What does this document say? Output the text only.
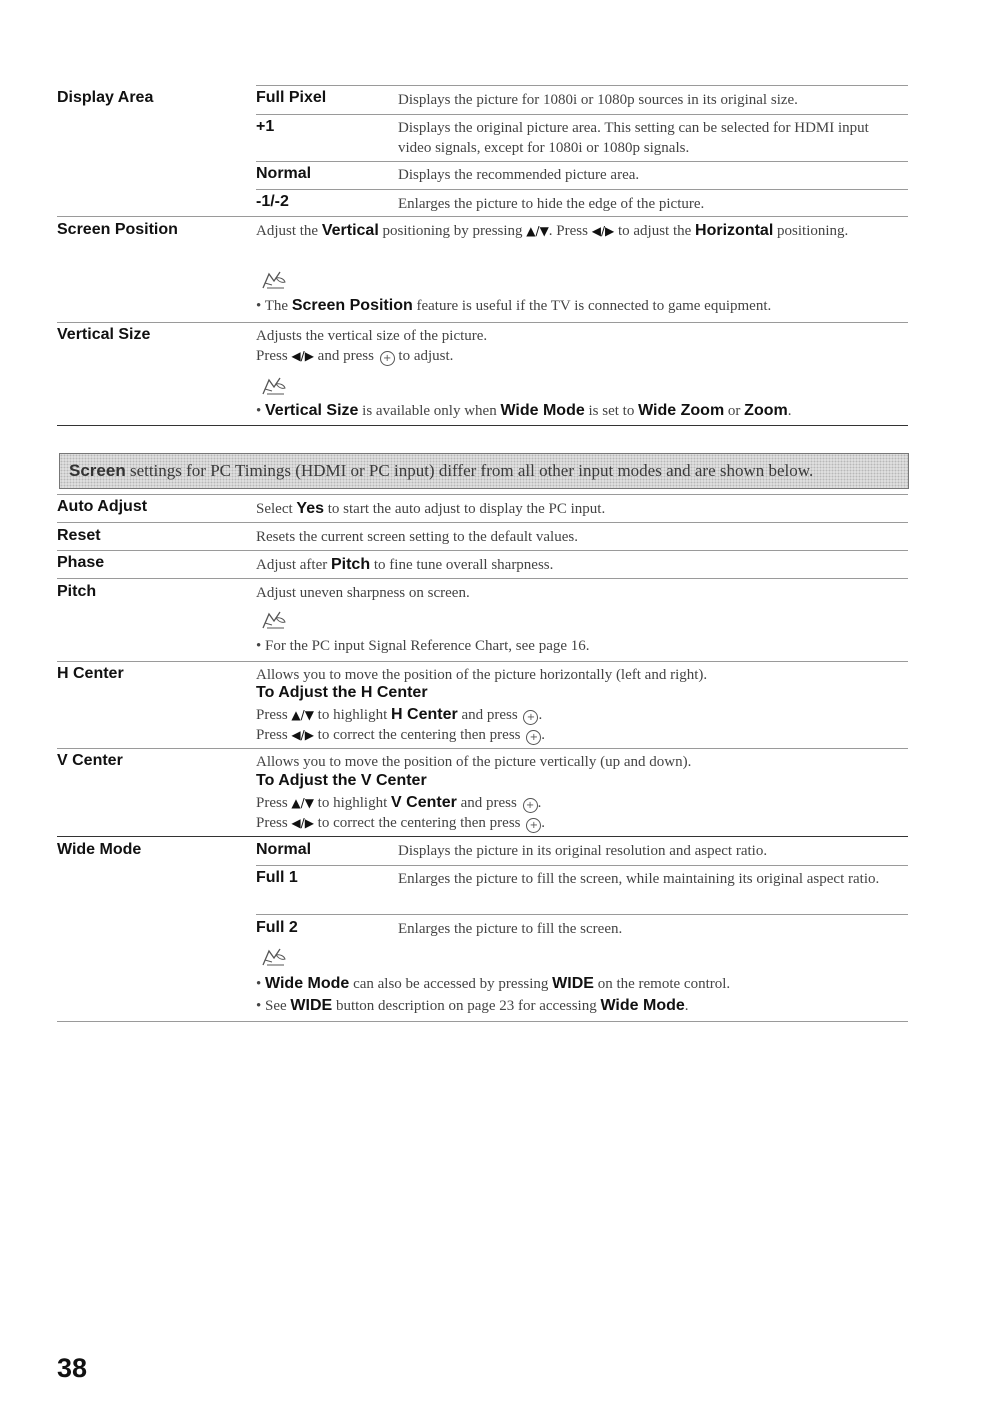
Display Area	Full Pixel	Displays the picture for 1080i or 1080p sources in its original size.
+1	Displays the original picture area. This setting can be selected for HDMI input video signals, except for 1080i or 1080p signals.
Normal	Displays the recommended picture area.
-1/-2	Enlarges the picture to hide the edge of the picture.
Screen Position	Adjust the Vertical positioning by pressing ▲/▼. Press ◀/▶ to adjust the Horizontal positioning.
• The Screen Position feature is useful if the TV is connected to game equipment.
Vertical Size	Adjusts the vertical size of the picture.
Press ◀/▶ and press + to adjust.
• Vertical Size is available only when Wide Mode is set to Wide Zoom or Zoom.
Screen settings for PC Timings (HDMI or PC input) differ from all other input modes and are shown below.
Auto Adjust	Select Yes to start the auto adjust to display the PC input.
Reset	Resets the current screen setting to the default values.
Phase	Adjust after Pitch to fine tune overall sharpness.
Pitch	Adjust uneven sharpness on screen.
• For the PC input Signal Reference Chart, see page 16.
H Center	Allows you to move the position of the picture horizontally (left and right).
To Adjust the H Center
Press ▲/▼ to highlight H Center and press + .
Press ◀/▶ to correct the centering then press + .
V Center	Allows you to move the position of the picture vertically (up and down).
To Adjust the V Center
Press ▲/▼ to highlight V Center and press + .
Press ◀/▶ to correct the centering then press + .
Wide Mode	Normal	Displays the picture in its original resolution and aspect ratio.
Full 1	Enlarges the picture to fill the screen, while maintaining its original aspect ratio.
Full 2	Enlarges the picture to fill the screen.
• Wide Mode can also be accessed by pressing WIDE on the remote control.
• See WIDE button description on page 23 for accessing Wide Mode.
38
